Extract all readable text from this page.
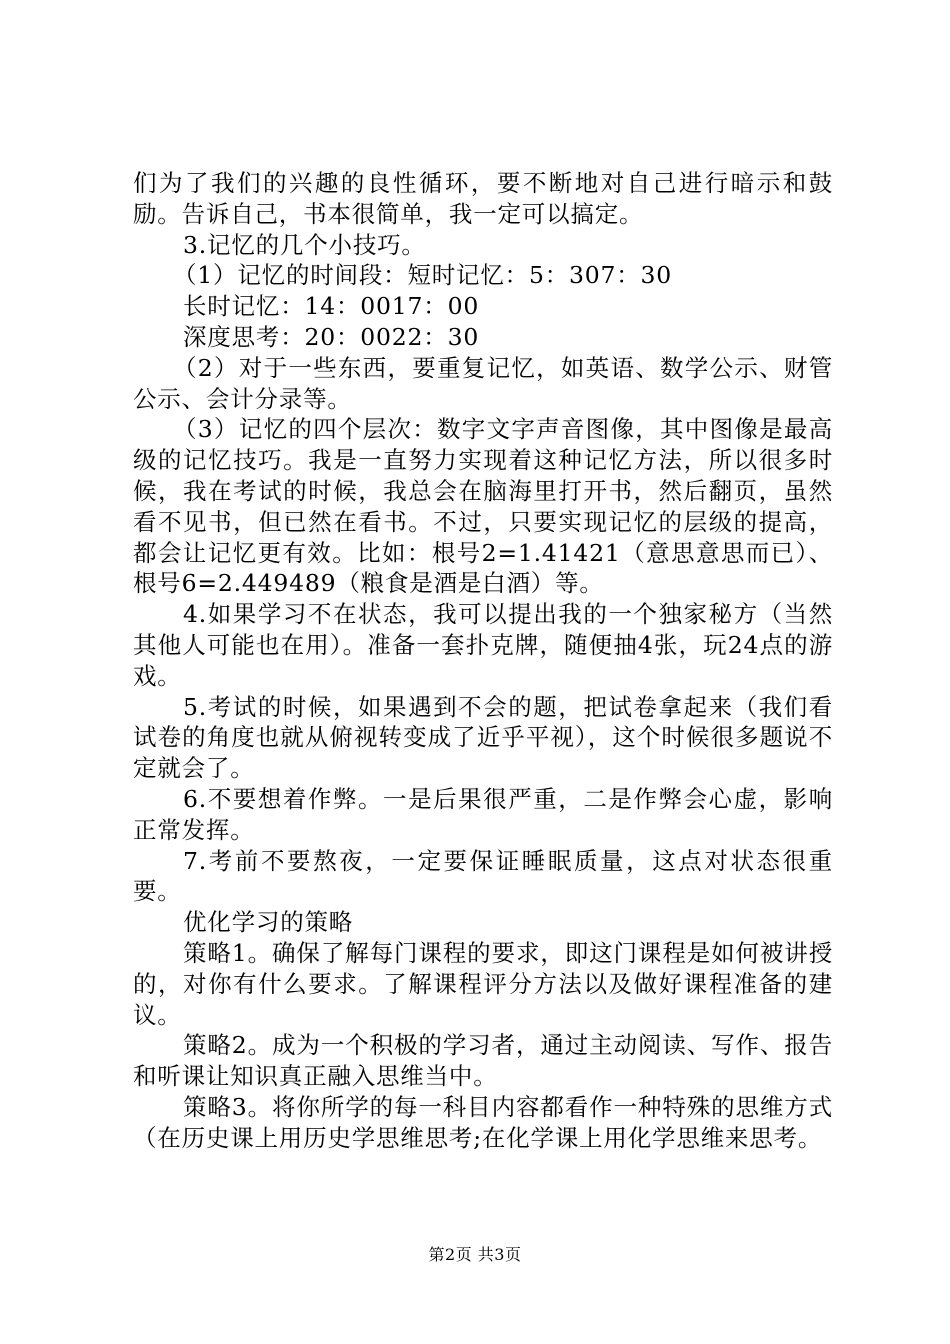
们为了我们的兴趣的良性循环，要不断地对自己进行暗示和鼓励。告诉自己，书本很简单，我一定可以搞定。

3.记忆的几个小技巧。

（1）记忆的时间段：短时记忆：5：307：30

长时记忆：14：0017：00

深度思考：20：0022：30

（2）对于一些东西，要重复记忆，如英语、数学公示、财管公示、会计分录等。

（3）记忆的四个层次：数字文字声音图像，其中图像是最高级的记忆技巧。我是一直努力实现着这种记忆方法，所以很多时候，我在考试的时候，我总会在脑海里打开书，然后翻页，虽然看不见书，但已然在看书。不过，只要实现记忆的层级的提高，都会让记忆更有效。比如：根号2=1.41421（意思意思而已）、根号6=2.449489（粮食是酒是白酒）等。

4.如果学习不在状态，我可以提出我的一个独家秘方（当然其他人可能也在用）。准备一套扑克牌，随便抽4张，玩24点的游戏。

5.考试的时候，如果遇到不会的题，把试卷拿起来（我们看试卷的角度也就从俯视转变成了近乎平视），这个时候很多题说不定就会了。

6.不要想着作弊。一是后果很严重，二是作弊会心虚，影响正常发挥。

7.考前不要熬夜，一定要保证睡眠质量，这点对状态很重要。

优化学习的策略

策略1。确保了解每门课程的要求，即这门课程是如何被讲授的，对你有什么要求。了解课程评分方法以及做好课程准备的建议。

策略2。成为一个积极的学习者，通过主动阅读、写作、报告和听课让知识真正融入思维当中。

策略3。将你所学的每一科目内容都看作一种特殊的思维方式（在历史课上用历史学思维思考;在化学课上用化学思维来思考。

第2页 共3页
